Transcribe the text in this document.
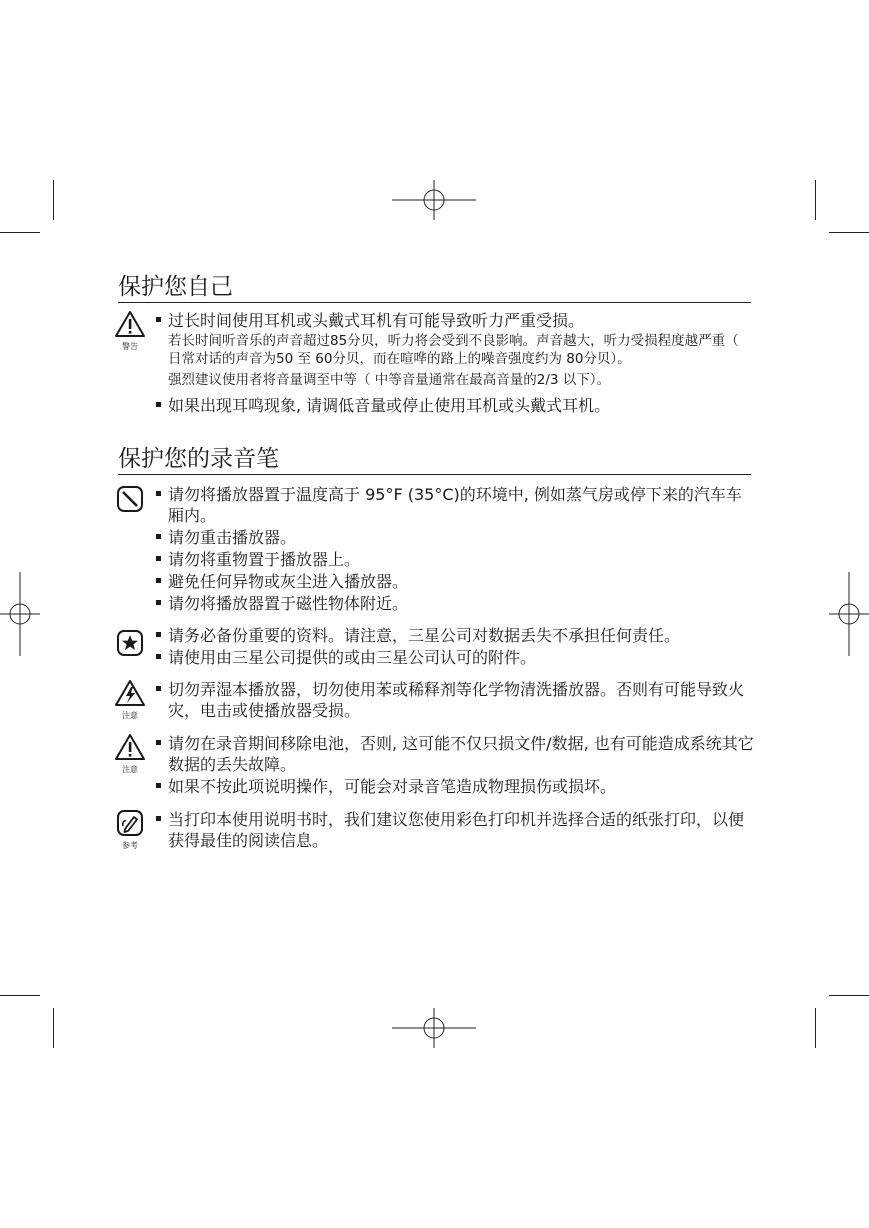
保护您自己
警告
过长时间使用耳机或头戴式耳机有可能导致听力严重受损。
若长时间听音乐的声音超过85分贝，听力将会受到不良影响。声音越大，听力受损程度越严重（ 日常对话的声音为50 至 60分贝，而在喧哗的路上的噪音强度约为 80分贝）。
强烈建议使用者将音量调至中等（ 中等音量通常在最高音量的2/3 以下）。
如果出现耳鸣现象, 请调低音量或停止使用耳机或头戴式耳机。
保护您的录音笔
请勿将播放器置于温度高于 95°F (35°C)的环境中, 例如蒸气房或停下来的汽车车厢内。
请勿重击播放器。
请勿将重物置于播放器上。
避免任何异物或灰尘进入播放器。
请勿将播放器置于磁性物体附近。
请务必备份重要的资料。请注意，三星公司对数据丢失不承担任何责任。
请使用由三星公司提供的或由三星公司认可的附件。
注意
切勿弄湿本播放器，切勿使用苯或稀释剂等化学物清洗播放器。否则有可能导致火灾，电击或使播放器受损。
注意
请勿在录音期间移除电池，否则, 这可能不仅只损文件/数据, 也有可能造成系统其它数据的丢失故障。
如果不按此项说明操作，可能会对录音笔造成物理损伤或损坏。
参考
当打印本使用说明书时，我们建议您使用彩色打印机并选择合适的纸张打印，以便获得最佳的阅读信息。
